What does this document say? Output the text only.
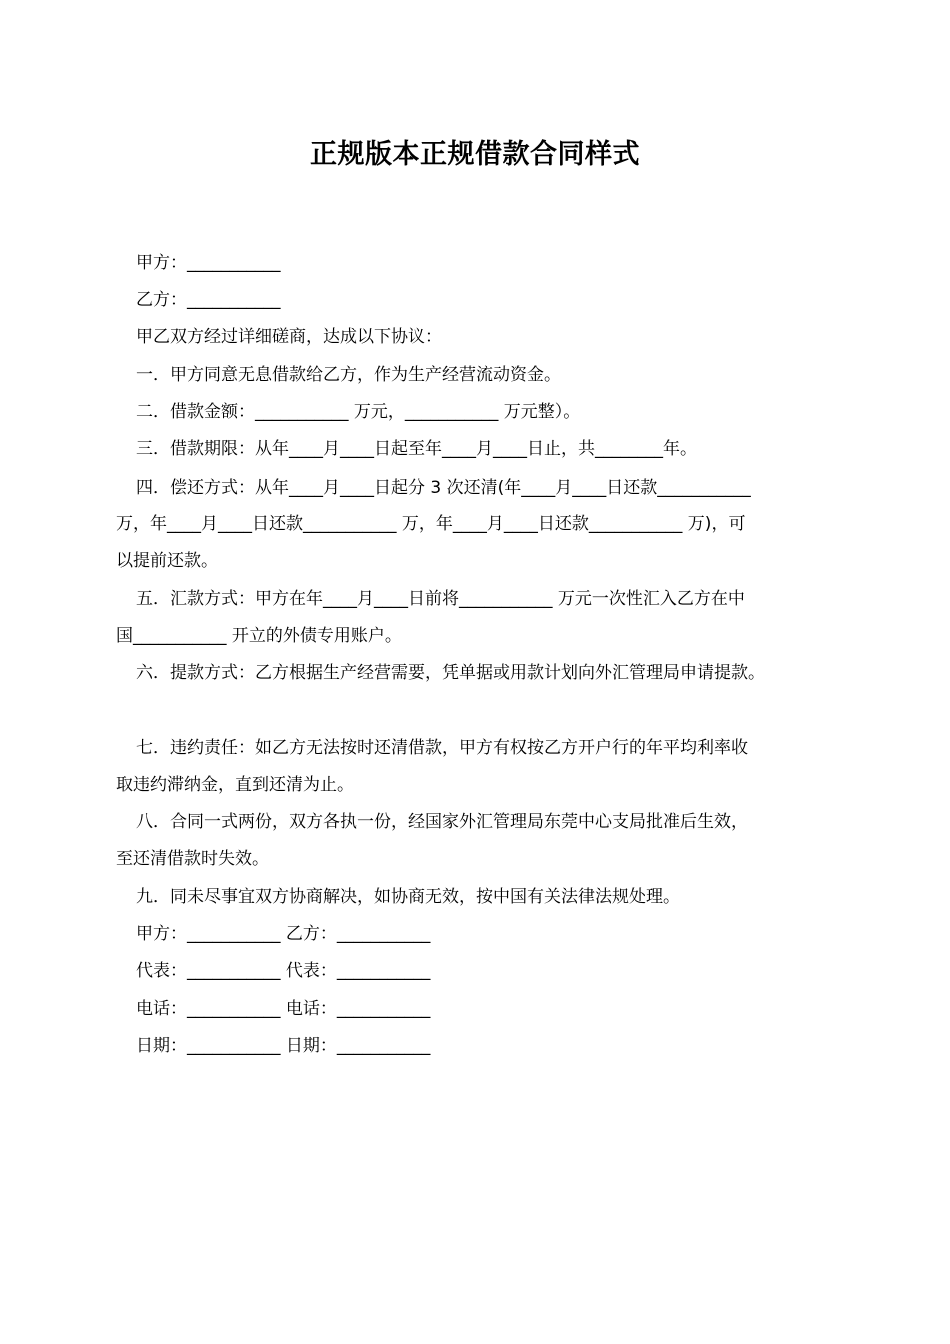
正规版本正规借款合同样式
甲方：___________
乙方：___________
甲乙双方经过详细磋商，达成以下协议：
一．甲方同意无息借款给乙方，作为生产经营流动资金。
二．借款金额：___________ 万元，___________ 万元整）。
三．借款期限：从年____月____日起至年____月____日止，共________年。
四．偿还方式：从年____月____日起分 3 次还清(年____月____日还款___________
万，年____月____日还款___________ 万，年____月____日还款___________ 万)，可
以提前还款。
五．汇款方式：甲方在年____月____日前将___________ 万元一次性汇入乙方在中
国___________ 开立的外债专用账户。
六．提款方式：乙方根据生产经营需要，凭单据或用款计划向外汇管理局申请提款。
七．违约责任：如乙方无法按时还清借款，甲方有权按乙方开户行的年平均利率收
取违约滞纳金，直到还清为止。
八．合同一式两份，双方各执一份，经国家外汇管理局东莞中心支局批准后生效，
至还清借款时失效。
九．同未尽事宜双方协商解决，如协商无效，按中国有关法律法规处理。
甲方：___________ 乙方：___________
代表：___________ 代表：___________
电话：___________ 电话：___________
日期：___________ 日期：___________
